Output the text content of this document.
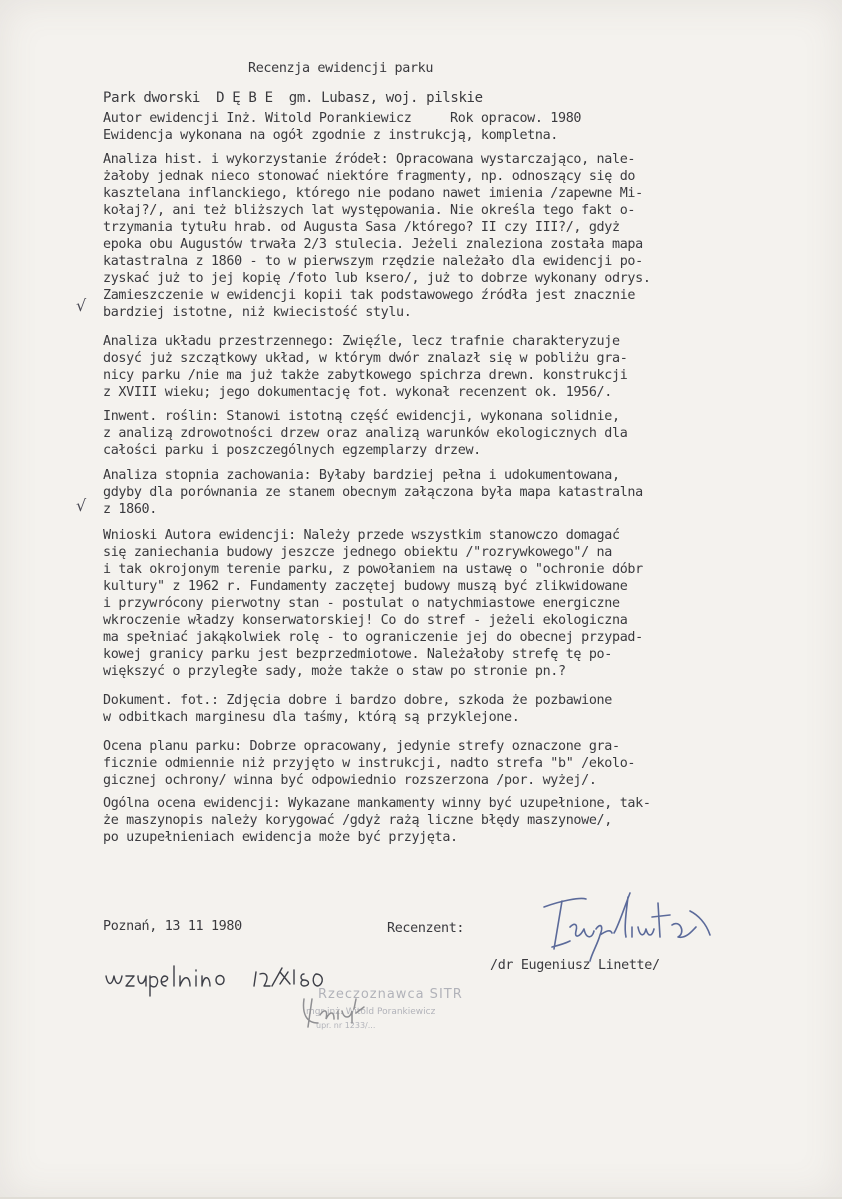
Recenzja ewidencji parku
Park dworski  D Ę B E  gm. Lubasz, woj. pilskie
Autor ewidencji Inż. Witold Porankiewicz     Rok opracow. 1980
Ewidencja wykonana na ogół zgodnie z instrukcją, kompletna.
Analiza hist. i wykorzystanie źródeł: Opracowana wystarczająco, nale-
żałoby jednak nieco stonować niektóre fragmenty, np. odnoszący się do
kasztelana inflanckiego, którego nie podano nawet imienia /zapewne Mi-
kołaj?/, ani też bliższych lat występowania. Nie określa tego fakt o-
trzymania tytułu hrab. od Augusta Sasa /którego? II czy III?/, gdyż
epoka obu Augustów trwała 2/3 stulecia. Jeżeli znaleziona została mapa
katastralna z 1860 - to w pierwszym rzędzie należało dla ewidencji po-
zyskać już to jej kopię /foto lub ksero/, już to dobrze wykonany odrys.
Zamieszczenie w ewidencji kopii tak podstawowego źródła jest znacznie
bardziej istotne, niż kwiecistość stylu.
Analiza układu przestrzennego: Zwięźle, lecz trafnie charakteryzuje
dosyć już szczątkowy układ, w którym dwór znalazł się w pobliżu gra-
nicy parku /nie ma już także zabytkowego spichrza drewn. konstrukcji
z XVIII wieku; jego dokumentację fot. wykonał recenzent ok. 1956/.
Inwent. roślin: Stanowi istotną część ewidencji, wykonana solidnie,
z analizą zdrowotności drzew oraz analizą warunków ekologicznych dla
całości parku i poszczególnych egzemplarzy drzew.
Analiza stopnia zachowania: Byłaby bardziej pełna i udokumentowana,
gdyby dla porównania ze stanem obecnym załączona była mapa katastralna
z 1860.
Wnioski Autora ewidencji: Należy przede wszystkim stanowczo domagać
się zaniechania budowy jeszcze jednego obiektu /"rozrywkowego"/ na
i tak okrojonym terenie parku, z powołaniem na ustawę o "ochronie dóbr
kultury" z 1962 r. Fundamenty zaczętej budowy muszą być zlikwidowane
i przywrócony pierwotny stan - postulat o natychmiastowe energiczne
wkroczenie władzy konserwatorskiej! Co do stref - jeżeli ekologiczna
ma spełniać jakąkolwiek rolę - to ograniczenie jej do obecnej przypad-
kowej granicy parku jest bezprzedmiotowe. Należałoby strefę tę po-
większyć o przyległe sady, może także o staw po stronie pn.?
Dokument. fot.: Zdjęcia dobre i bardzo dobre, szkoda że pozbawione
w odbitkach marginesu dla taśmy, którą są przyklejone.
Ocena planu parku: Dobrze opracowany, jedynie strefy oznaczone gra-
ficznie odmiennie niż przyjęto w instrukcji, nadto strefa "b" /ekolo-
gicznej ochrony/ winna być odpowiednio rozszerzona /por. wyżej/.
Ogólna ocena ewidencji: Wykazane mankamenty winny być uzupełnione, tak-
że maszynopis należy korygować /gdyż rażą liczne błędy maszynowe/,
po uzupełnieniach ewidencja może być przyjęta.
√
√
Poznań, 13 11 1980	Recenzent:
/dr Eugeniusz Linette/
Rzeczoznawca SITR
mgr inż. Witold Porankiewicz
upr. nr 1233/...
